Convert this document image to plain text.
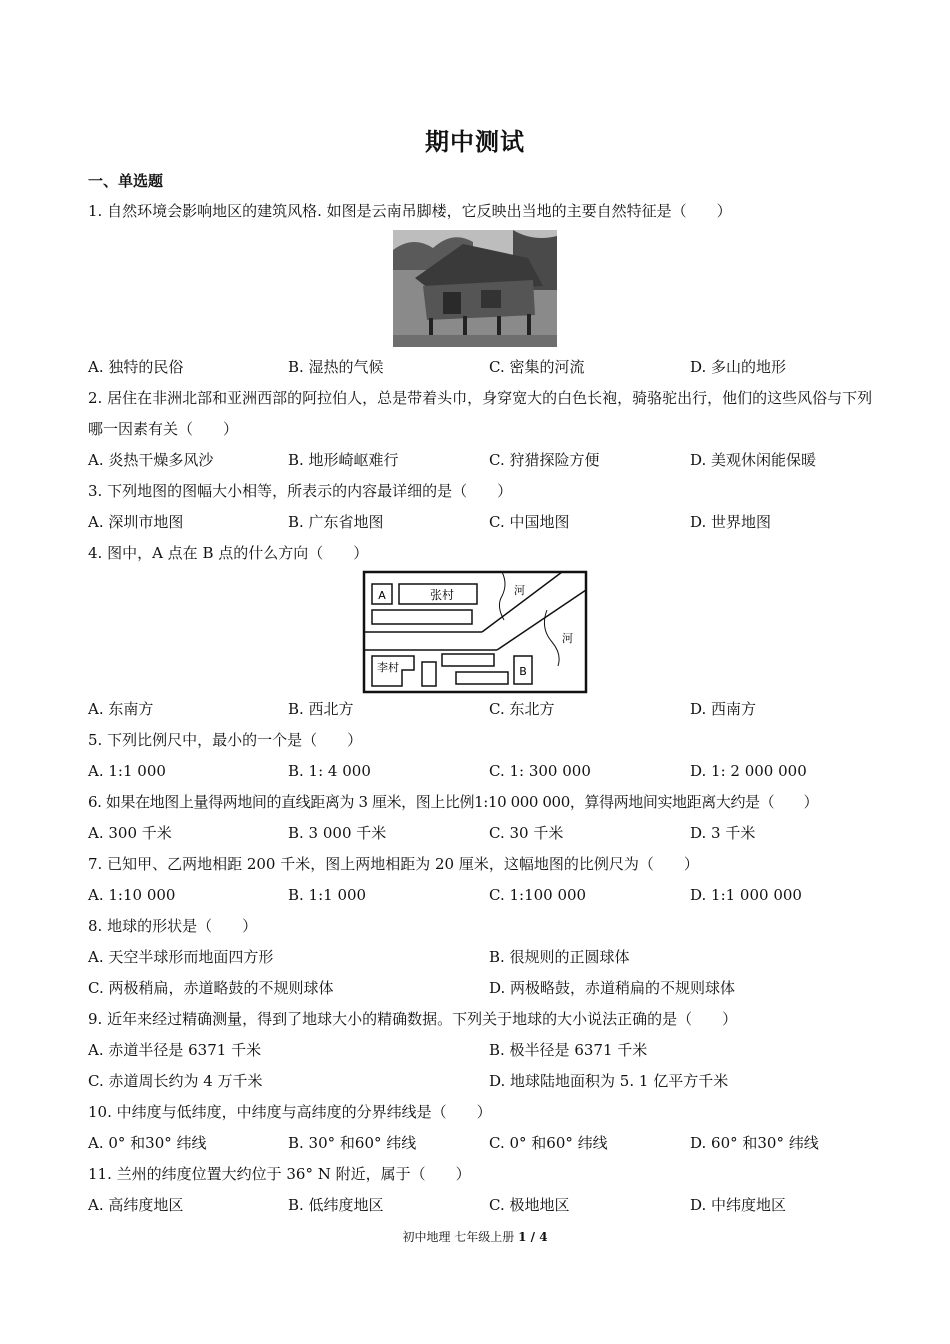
期中测试
一、单选题
1. 自然环境会影响地区的建筑风格. 如图是云南吊脚楼，它反映出当地的主要自然特征是（　　）
A. 独特的民俗	B. 湿热的气候	C. 密集的河流	D. 多山的地形
2. 居住在非洲北部和亚洲西部的阿拉伯人，总是带着头巾，身穿宽大的白色长袍，骑骆驼出行，他们的这些风俗与下列哪一因素有关（　　）
A. 炎热干燥多风沙	B. 地形崎岖难行	C. 狩猎探险方便	D. 美观休闲能保暖
3. 下列地图的图幅大小相等，所表示的内容最详细的是（　　）
A. 深圳市地图	B. 广东省地图	C. 中国地图	D. 世界地图
4. 图中，A 点在 B 点的什么方向（　　）
A	张村	河
河
李村	B
A. 东南方	B. 西北方	C. 东北方	D. 西南方
5. 下列比例尺中，最小的一个是（　　）
A. 1:1 000	B. 1: 4 000	C. 1: 300 000	D. 1: 2 000 000
6. 如果在地图上量得两地间的直线距离为 3 厘米，图上比例1:10 000 000，算得两地间实地距离大约是（　　）
A. 300 千米	B. 3 000 千米	C. 30 千米	D. 3 千米
7. 已知甲、乙两地相距 200 千米，图上两地相距为 20 厘米，这幅地图的比例尺为（　　）
A. 1:10 000	B. 1:1 000	C. 1:100 000	D. 1:1 000 000
8. 地球的形状是（　　）
A. 天空半球形而地面四方形	B. 很规则的正圆球体
C. 两极稍扁，赤道略鼓的不规则球体	D. 两极略鼓，赤道稍扁的不规则球体
9. 近年来经过精确测量，得到了地球大小的精确数据。下列关于地球的大小说法正确的是（　　）
A. 赤道半径是 6371 千米	B. 极半径是 6371 千米
C. 赤道周长约为 4 万千米	D. 地球陆地面积为 5. 1 亿平方千米
10. 中纬度与低纬度，中纬度与高纬度的分界纬线是（　　）
A. 0° 和30° 纬线	B. 30° 和60° 纬线	C. 0° 和60° 纬线	D. 60° 和30° 纬线
11. 兰州的纬度位置大约位于 36° N 附近，属于（　　）
A. 高纬度地区	B. 低纬度地区	C. 极地地区	D. 中纬度地区
初中地理 七年级上册 1 / 4
